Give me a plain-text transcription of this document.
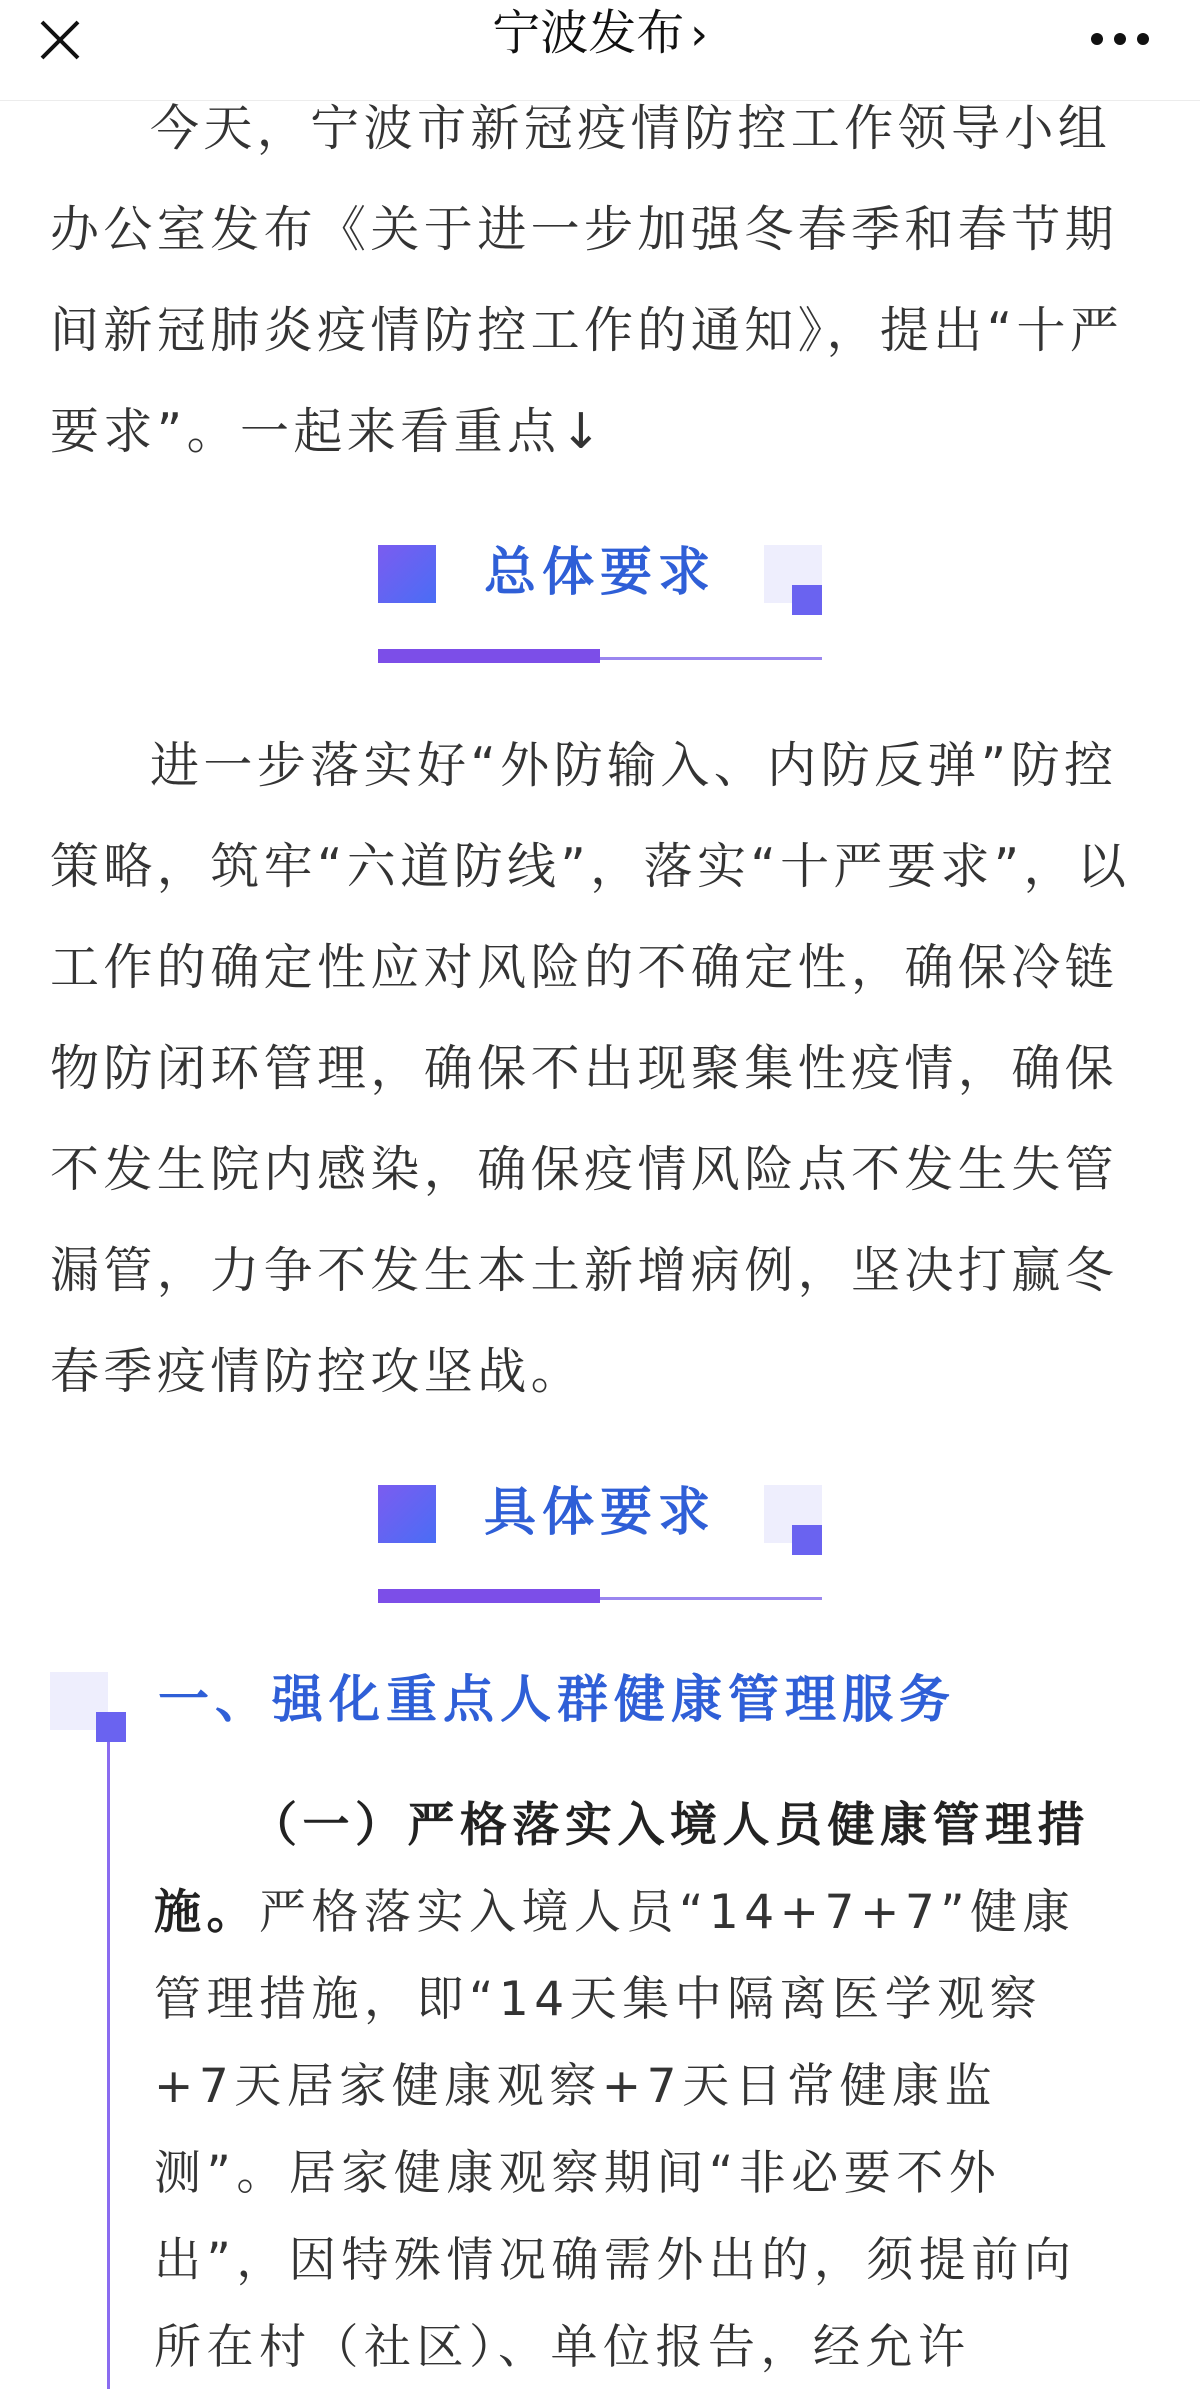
宁波发布 ›

今天，宁波市新冠疫情防控工作领导小组办公室发布《关于进一步加强冬春季和春节期间新冠肺炎疫情防控工作的通知》，提出“十严要求”。一起来看重点↓

总体要求

进一步落实好“外防输入、内防反弹”防控策略，筑牢“六道防线”，落实“十严要求”，以工作的确定性应对风险的不确定性，确保冷链物防闭环管理，确保不出现聚集性疫情，确保不发生院内感染，确保疫情风险点不发生失管漏管，力争不发生本土新增病例，坚决打赢冬春季疫情防控攻坚战。

具体要求
一、强化重点人群健康管理服务
（一）严格落实入境人员健康管理措施。严格落实入境人员“14+7+7”健康管理措施，即“14天集中隔离医学观察+7天居家健康观察+7天日常健康监测”。居家健康观察期间“非必要不外出”，因特殊情况确需外出的，须提前向所在村（社区）、单位报告，经允许
